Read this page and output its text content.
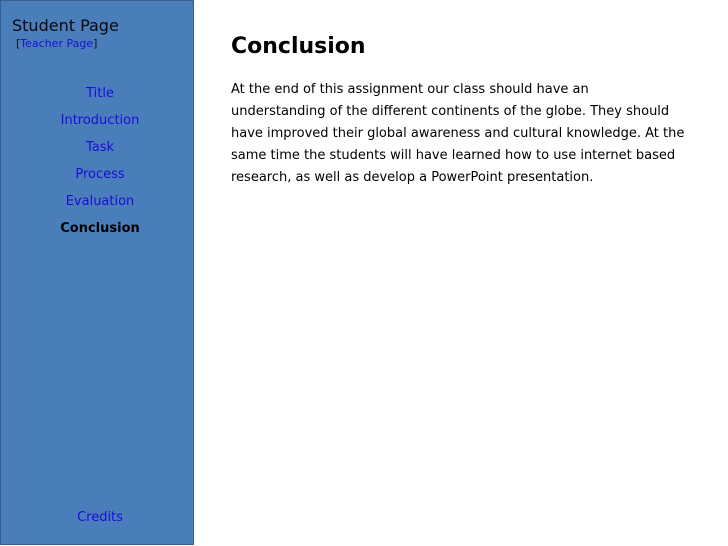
Student Page
[Teacher Page]
Title
Introduction
Task
Process
Evaluation
Conclusion
Credits
Conclusion
At the end of this assignment our class should have an understanding of the different continents of the globe. They should have improved their global awareness and cultural knowledge. At the same time the students will have learned how to use internet based research, as well as develop a PowerPoint presentation.
